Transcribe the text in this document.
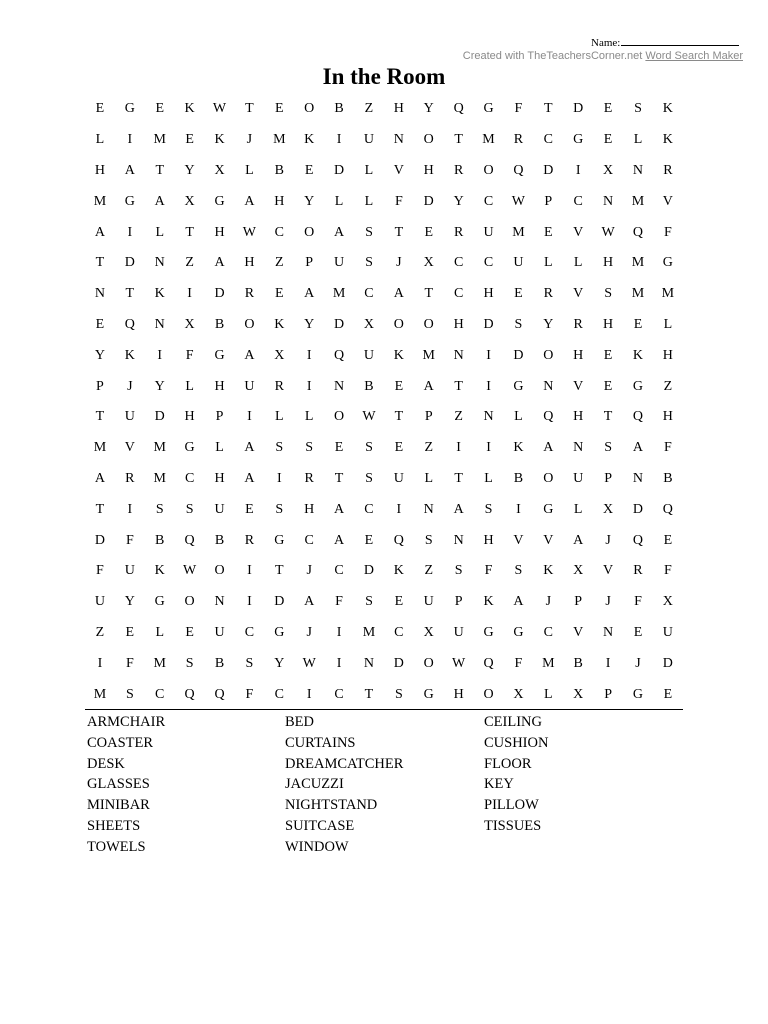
Name:
Created with TheTeachersCorner.net Word Search Maker
In the Room
E	G	E	K	W	T	E	O	B	Z	H	Y	Q	G	F	T	D	E	S	K
L	I	M	E	K	J	M	K	I	U	N	O	T	M	R	C	G	E	L	K
H	A	T	Y	X	L	B	E	D	L	V	H	R	O	Q	D	I	X	N	R
M	G	A	X	G	A	H	Y	L	L	F	D	Y	C	W	P	C	N	M	V
A	I	L	T	H	W	C	O	A	S	T	E	R	U	M	E	V	W	Q	F
T	D	N	Z	A	H	Z	P	U	S	J	X	C	C	U	L	L	H	M	G
N	T	K	I	D	R	E	A	M	C	A	T	C	H	E	R	V	S	M	M
E	Q	N	X	B	O	K	Y	D	X	O	O	H	D	S	Y	R	H	E	L
Y	K	I	F	G	A	X	I	Q	U	K	M	N	I	D	O	H	E	K	H
P	J	Y	L	H	U	R	I	N	B	E	A	T	I	G	N	V	E	G	Z
T	U	D	H	P	I	L	L	O	W	T	P	Z	N	L	Q	H	T	Q	H
M	V	M	G	L	A	S	S	E	S	E	Z	I	I	K	A	N	S	A	F
A	R	M	C	H	A	I	R	T	S	U	L	T	L	B	O	U	P	N	B
T	I	S	S	U	E	S	H	A	C	I	N	A	S	I	G	L	X	D	Q
D	F	B	Q	B	R	G	C	A	E	Q	S	N	H	V	V	A	J	Q	E
F	U	K	W	O	I	T	J	C	D	K	Z	S	F	S	K	X	V	R	F
U	Y	G	O	N	I	D	A	F	S	E	U	P	K	A	J	P	J	F	X
Z	E	L	E	U	C	G	J	I	M	C	X	U	G	G	C	V	N	E	U
I	F	M	S	B	S	Y	W	I	N	D	O	W	Q	F	M	B	I	J	D
M	S	C	Q	Q	F	C	I	C	T	S	G	H	O	X	L	X	P	G	E
ARMCHAIR	BED	CEILING
COASTER	CURTAINS	CUSHION
DESK	DREAMCATCHER	FLOOR
GLASSES	JACUZZI	KEY
MINIBAR	NIGHTSTAND	PILLOW
SHEETS	SUITCASE	TISSUES
TOWELS	WINDOW
